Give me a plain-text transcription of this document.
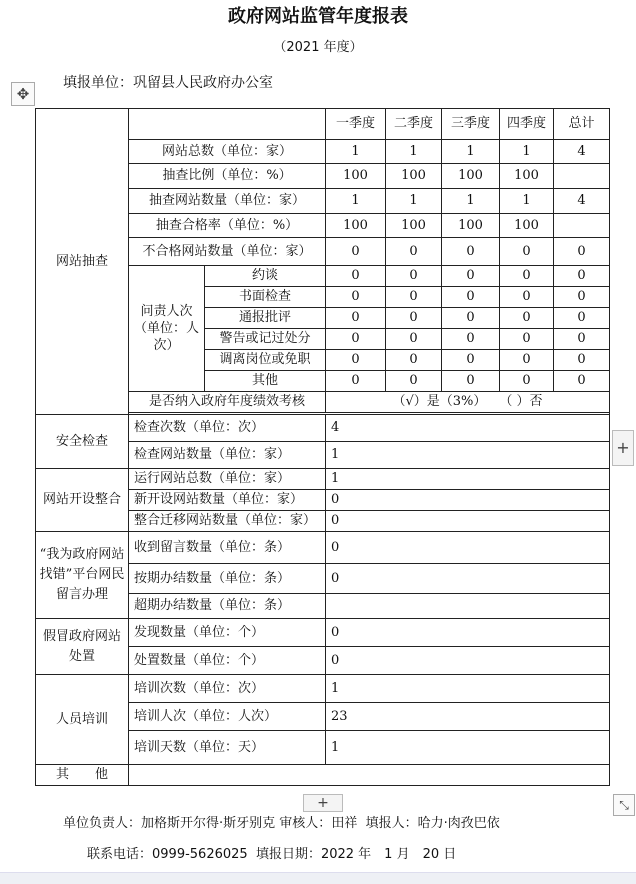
政府网站监管年度报表
（2021 年度）
填报单位：巩留县人民政府办公室
✥
网站抽查			一季度	二季度	三季度	四季度	总计
	网站总数（单位：家）		1	1	1	1	4
	抽查比例（单位：%）		100	100	100	100	
	抽查网站数量（单位：家）		1	1	1	1	4
	抽查合格率（单位：%）		100	100	100	100	
	不合格网站数量（单位：家）		0	0	0	0	0
	问责人次（单位：人次）	约谈	0	0	0	0	0
		书面检查	0	0	0	0	0
		通报批评	0	0	0	0	0
		警告或记过处分	0	0	0	0	0
		调离岗位或免职	0	0	0	0	0
		其他	0	0	0	0	0
	是否纳入政府年度绩效考核		（√）是（3%）　　（ ）否				

安全检查	检查次数（单位：次）		4				
	检查网站数量（单位：家）		1				
网站开设整合	运行网站总数（单位：家）		1				
	新开设网站数量（单位：家）		0				
	整合迁移网站数量（单位：家）		0				
“我为政府网站找错”平台网民留言办理	收到留言数量（单位：条）		0				
	按期办结数量（单位：条）		0				
	超期办结数量（单位：条）						
假冒政府网站处置	发现数量（单位：个）		0				
	处置数量（单位：个）		0				
人员培训	培训次数（单位：次）		1				
	培训人次（单位：人次）		23				
	培训天数（单位：天）		1				
其　　他							
+
+	⤡
单位负责人：加格斯开尔得·斯牙别克 审核人：田祥 填报人：哈力·肉孜巴依
联系电话：0999-5626025 填报日期：2022 年　1 月　20 日
